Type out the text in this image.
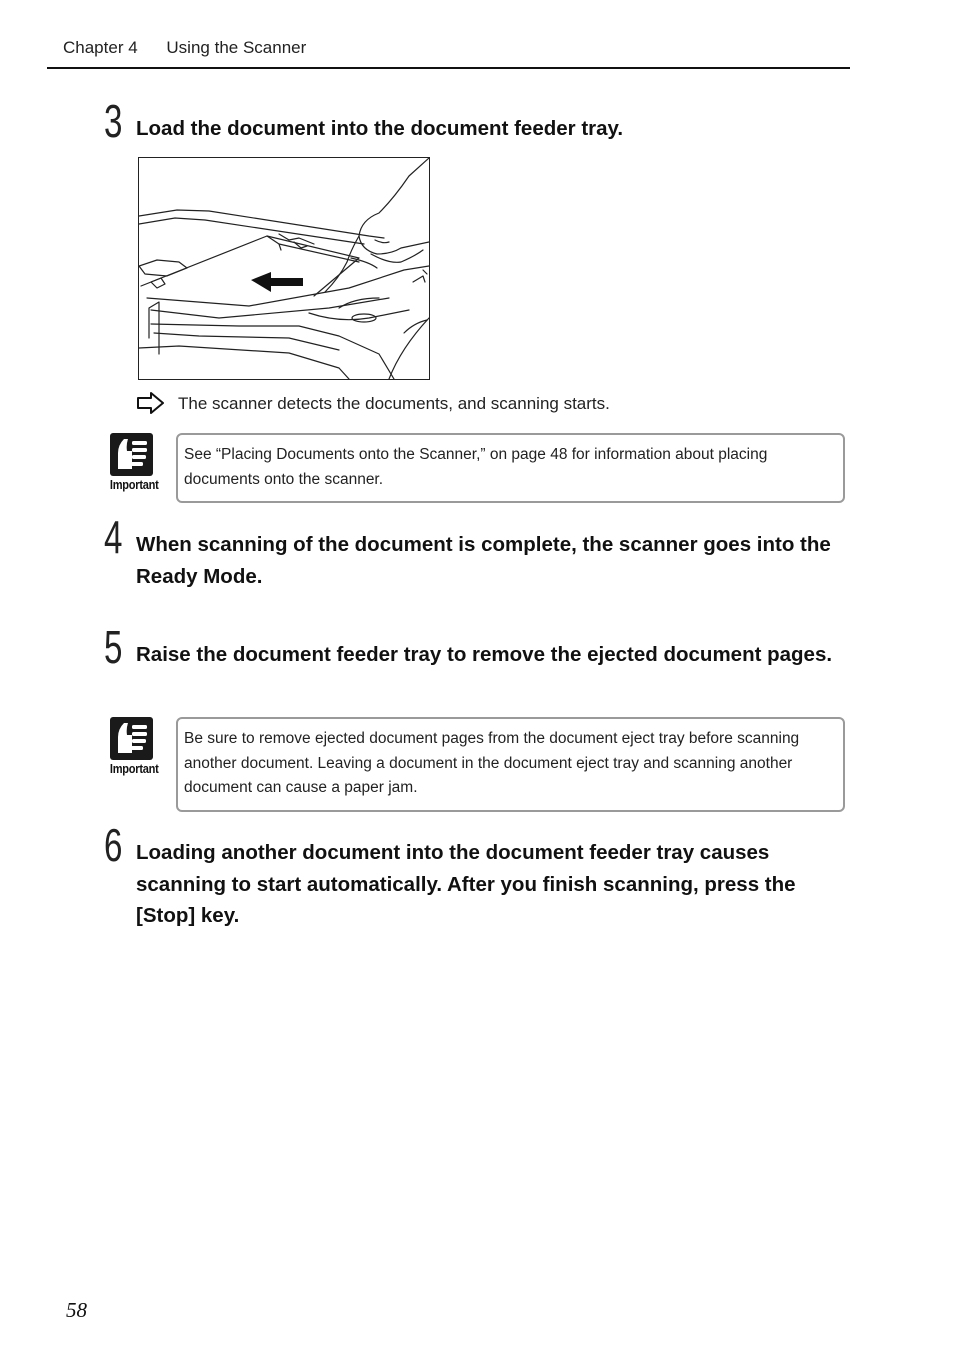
Chapter 4 Using the Scanner
3 Load the document into the document feeder tray.
The scanner detects the documents, and scanning starts.
Important
See “Placing Documents onto the Scanner,” on page 48 for information about placing documents onto the scanner.
4 When scanning of the document is complete, the scanner goes into the Ready Mode.
5 Raise the document feeder tray to remove the ejected document pages.
Important
Be sure to remove ejected document pages from the document eject tray before scanning another document. Leaving a document in the document eject tray and scanning another document can cause a paper jam.
6 Loading another document into the document feeder tray causes scanning to start automatically. After you finish scanning, press the [Stop] key.
58
